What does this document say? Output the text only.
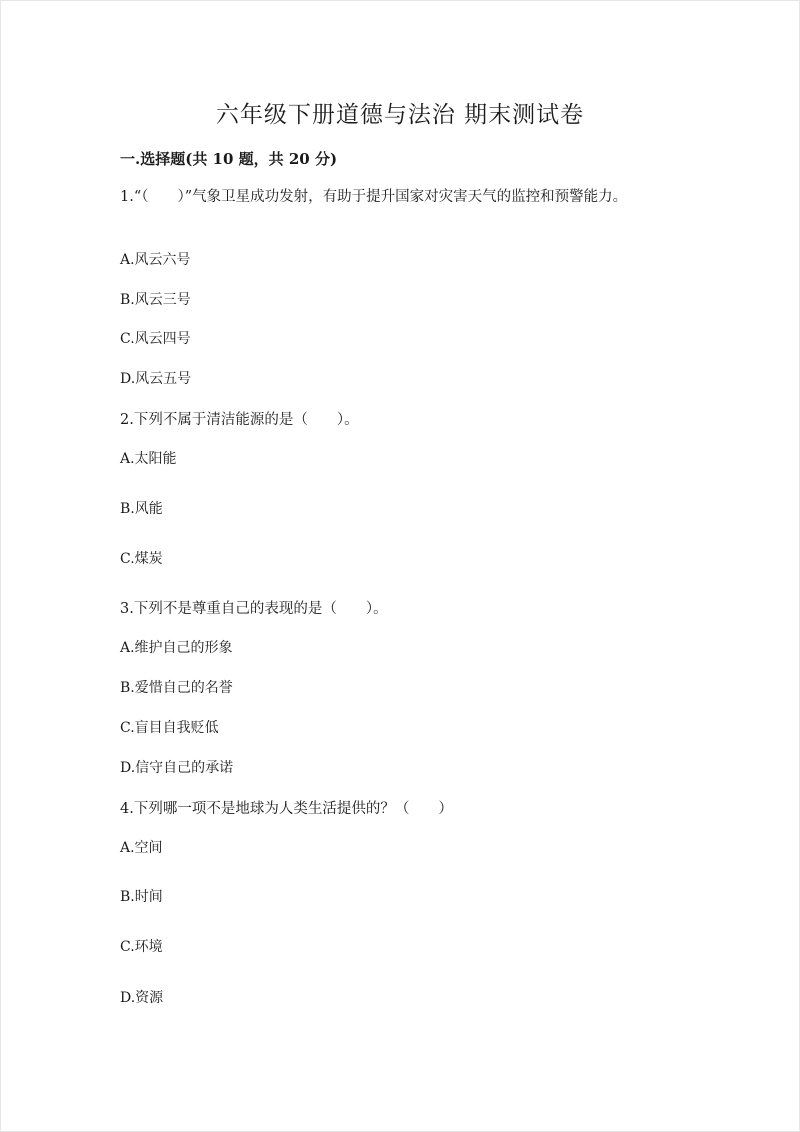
六年级下册道德与法治 期末测试卷
一.选择题(共 10 题，共 20 分)
1.“（　　）”气象卫星成功发射，有助于提升国家对灾害天气的监控和预警能力。
A.风云六号
B.风云三号
C.风云四号
D.风云五号
2.下列不属于清洁能源的是（　　）。
A.太阳能
B.风能
C.煤炭
3.下列不是尊重自己的表现的是（　　）。
A.维护自己的形象
B.爱惜自己的名誉
C.盲目自我贬低
D.信守自己的承诺
4.下列哪一项不是地球为人类生活提供的？（　　）
A.空间
B.时间
C.环境
D.资源
